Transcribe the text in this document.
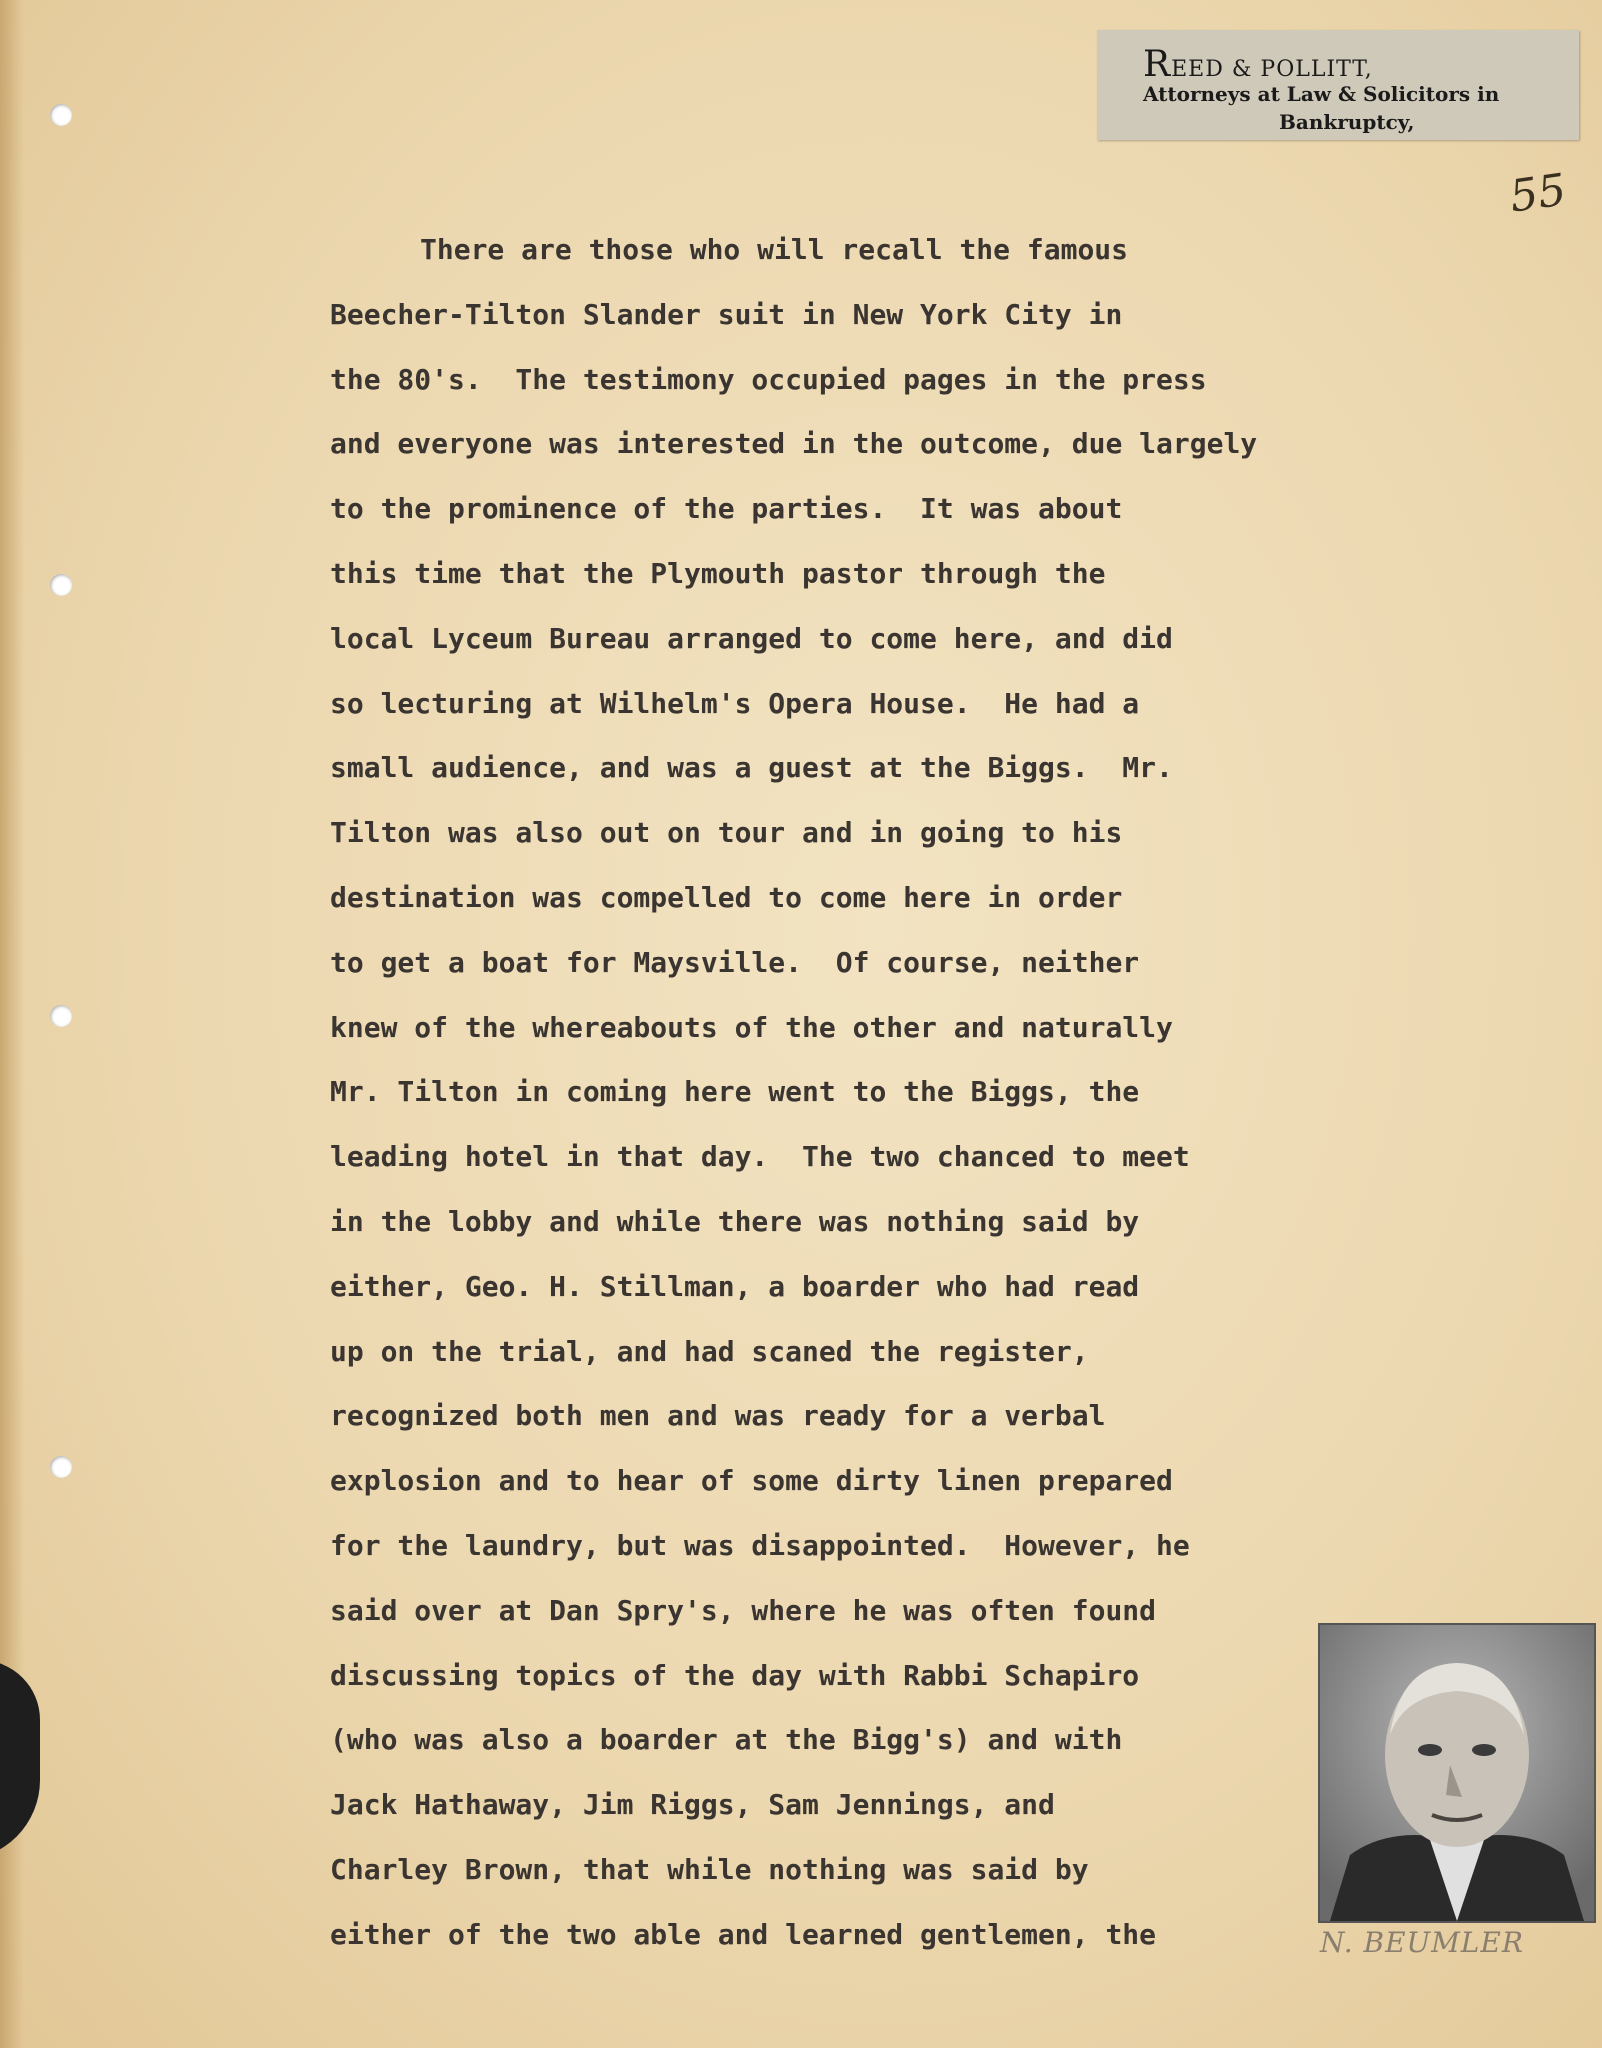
REED & POLLITT,
Attorneys at Law & Solicitors in
Bankruptcy,
55
There are those who will recall the famous
Beecher-Tilton Slander suit in New York City in
the 80's.  The testimony occupied pages in the press
and everyone was interested in the outcome, due largely
to the prominence of the parties.  It was about
this time that the Plymouth pastor through the
local Lyceum Bureau arranged to come here, and did
so lecturing at Wilhelm's Opera House.  He had a
small audience, and was a guest at the Biggs.  Mr.
Tilton was also out on tour and in going to his
destination was compelled to come here in order
to get a boat for Maysville.  Of course, neither
knew of the whereabouts of the other and naturally
Mr. Tilton in coming here went to the Biggs, the
leading hotel in that day.  The two chanced to meet
in the lobby and while there was nothing said by
either, Geo. H. Stillman, a boarder who had read
up on the trial, and had scaned the register,
recognized both men and was ready for a verbal
explosion and to hear of some dirty linen prepared
for the laundry, but was disappointed.  However, he
said over at Dan Spry's, where he was often found
discussing topics of the day with Rabbi Schapiro
(who was also a boarder at the Bigg's) and with
Jack Hathaway, Jim Riggs, Sam Jennings, and
Charley Brown, that while nothing was said by
either of the two able and learned gentlemen, the	N. BEUMLER
